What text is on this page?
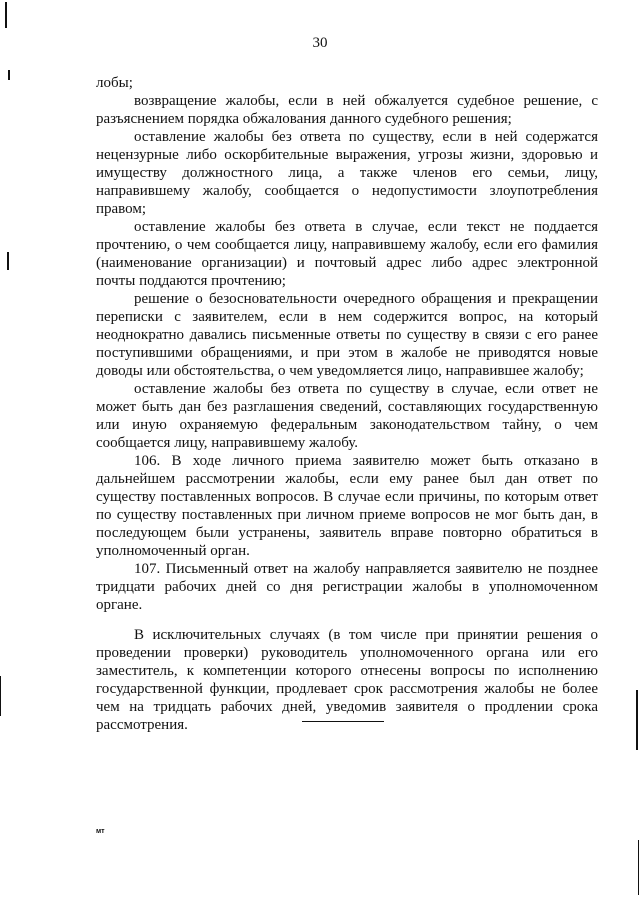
30

лобы;

возвращение жалобы, если в ней обжалуется судебное решение, с разъяснением порядка обжалования данного судебного решения;

оставление жалобы без ответа по существу, если в ней содержатся нецензурные либо оскорбительные выражения, угрозы жизни, здоровью и имуществу должностного лица, а также членов его семьи, лицу, направившему жалобу, сообщается о недопустимости злоупотребления правом;

оставление жалобы без ответа в случае, если текст не поддается прочтению, о чем сообщается лицу, направившему жалобу, если его фамилия (наименование организации) и почтовый адрес либо адрес электронной почты поддаются прочтению;

решение о безосновательности очередного обращения и прекращении переписки с заявителем, если в нем содержится вопрос, на который неоднократно давались письменные ответы по существу в связи с его ранее поступившими обращениями, и при этом в жалобе не приводятся новые доводы или обстоятельства, о чем уведомляется лицо, направившее жалобу;

оставление жалобы без ответа по существу в случае, если ответ не может быть дан без разглашения сведений, составляющих государственную или иную охраняемую федеральным законодательством тайну, о чем сообщается лицу, направившему жалобу.

106. В ходе личного приема заявителю может быть отказано в дальнейшем рассмотрении жалобы, если ему ранее был дан ответ по существу поставленных вопросов. В случае если причины, по которым ответ по существу поставленных при личном приеме вопросов не мог быть дан, в последующем были устранены, заявитель вправе повторно обратиться в уполномоченный орган.

107. Письменный ответ на жалобу направляется заявителю не позднее тридцати рабочих дней со дня регистрации жалобы в уполномоченном органе.

В исключительных случаях (в том числе при принятии решения о проведении проверки) руководитель уполномоченного органа или его заместитель, к компетенции которого отнесены вопросы по исполнению государственной функции, продлевает срок рассмотрения жалобы не более чем на тридцать рабочих дней, уведомив заявителя о продлении срока рассмотрения.

мт
